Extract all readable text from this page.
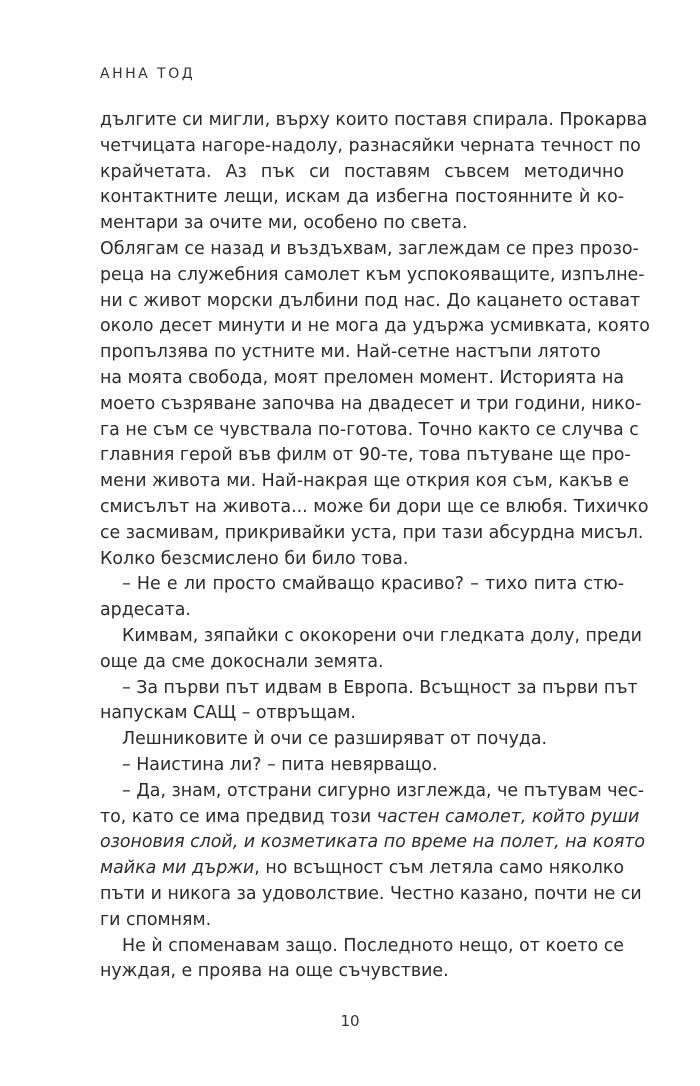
АННА ТОД
дългите си мигли, върху които поставя спирала. Прокарва
четчицата нагоре-надолу, разнасяйки черната течност по
крайчетата. Аз пък си поставям съвсем методично
контактните лещи, искам да избегна постоянните ѝ ко-
ментари за очите ми, особено по света.
Облягам се назад и въздъхвам, заглеждам се през прозо-
реца на служебния самолет към успокояващите, изпълне-
ни с живот морски дълбини под нас. До кацането остават
около десет минути и не мога да удържа усмивката, която
пропълзява по устните ми. Най-сетне настъпи лятото
на моята свобода, моят преломен момент. Историята на
моето съзряване започва на двадесет и три години, нико-
га не съм се чувствала по-готова. Точно както се случва с
главния герой във филм от 90-те, това пътуване ще про-
мени живота ми. Най-накрая ще открия коя съм, какъв е
смисълът на живота... може би дори ще се влюбя. Тихичко
се засмивам, прикривайки уста, при тази абсурдна мисъл.
Колко безсмислено би било това.
– Не е ли просто смайващо красиво? – тихо пита стю-
ардесата.
Кимвам, зяпайки с ококорени очи гледката долу, преди
още да сме докоснали земята.
– За първи път идвам в Европа. Всъщност за първи път
напускам САЩ – отвръщам.
Лешниковите ѝ очи се разширяват от почуда.
– Наистина ли? – пита невярващо.
– Да, знам, отстрани сигурно изглежда, че пътувам чес-
то, като се има предвид този частен самолет, който руши
озоновия слой, и козметиката по време на полет, на която
майка ми държи, но всъщност съм летяла само няколко
пъти и никога за удоволствие. Честно казано, почти не си
ги спомням.
Не ѝ споменавам защо. Последното нещо, от което се
нуждая, е проява на още съчувствие.
10
